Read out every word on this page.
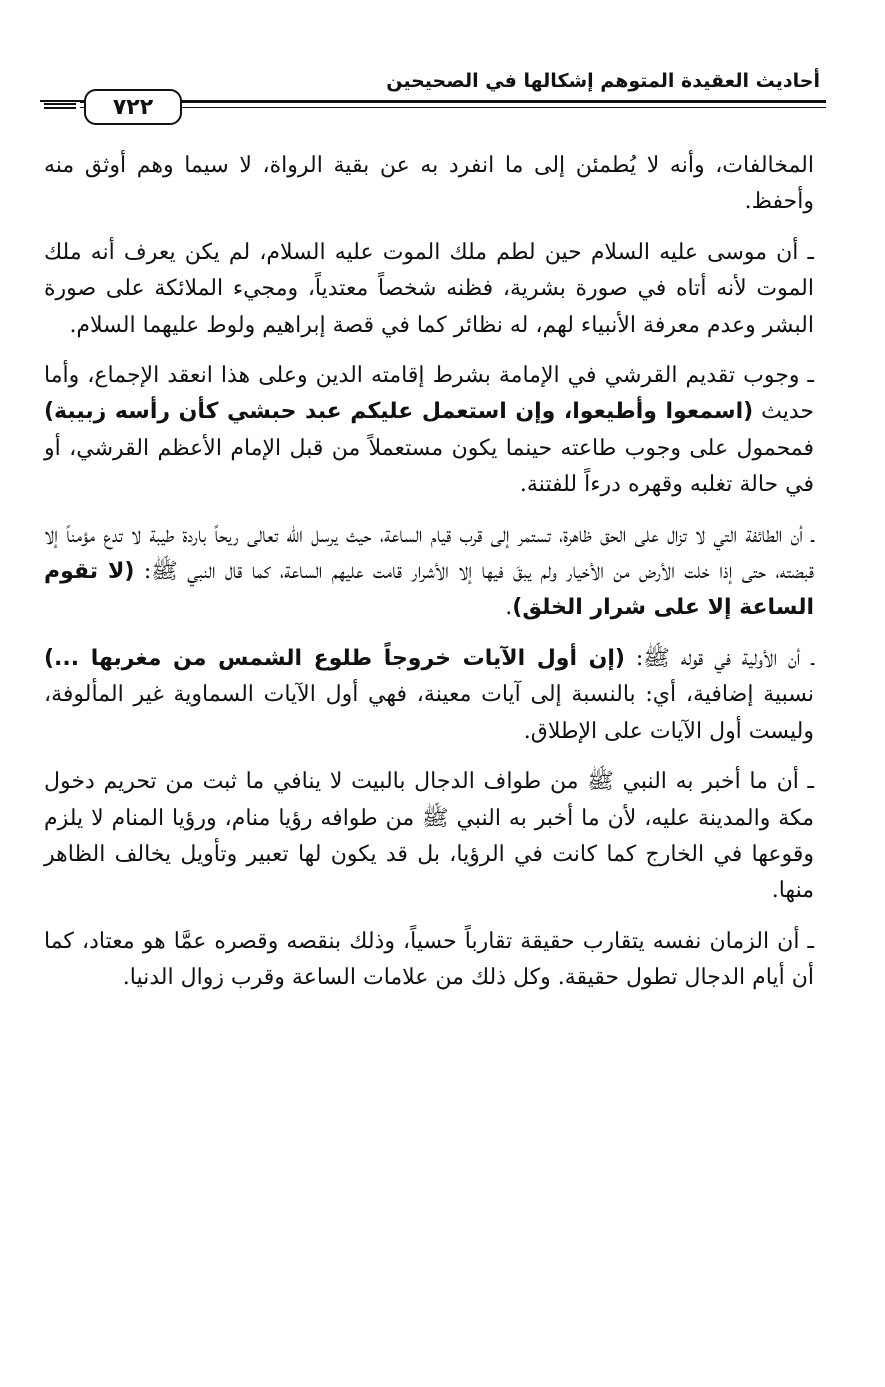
أحاديث العقيدة المتوهم إشكالها في الصحيحين
٧٢٢

المخالفات، وأنه لا يُطمئن إلى ما انفرد به عن بقية الرواة، لا سيما وهم أوثق منه وأحفظ.

ـ أن موسى عليه السلام حين لطم ملك الموت عليه السلام، لم يكن يعرف أنه ملك الموت لأنه أتاه في صورة بشرية، فظنه شخصاً معتدياً، ومجيء الملائكة على صورة البشر وعدم معرفة الأنبياء لهم، له نظائر كما في قصة إبراهيم ولوط عليهما السلام.

ـ وجوب تقديم القرشي في الإمامة بشرط إقامته الدين وعلى هذا انعقد الإجماع، وأما حديث (اسمعوا وأطيعوا، وإن استعمل عليكم عبد حبشي كأن رأسه زبيبة) فمحمول على وجوب طاعته حينما يكون مستعملاً من قبل الإمام الأعظم القرشي، أو في حالة تغلبه وقهره درءاً للفتنة.

ـ أن الطائفة التي لا تزال على الحق ظاهرة، تستمر إلى قرب قيام الساعة، حيث يرسل الله تعالى ريحاً باردة طيبة لا تدع مؤمناً إلا قبضته، حتى إذا خلت الأرض من الأخيار ولم يبقَ فيها إلا الأشرار قامت عليهم الساعة، كما قال النبي ﷺ: (لا تقوم الساعة إلا على شرار الخلق).

ـ أن الأولية في قوله ﷺ: (إن أول الآيات خروجاً طلوع الشمس من مغربها ...) نسبية إضافية، أي: بالنسبة إلى آيات معينة، فهي أول الآيات السماوية غير المألوفة، وليست أول الآيات على الإطلاق.

ـ أن ما أخبر به النبي ﷺ من طواف الدجال بالبيت لا ينافي ما ثبت من تحريم دخول مكة والمدينة عليه، لأن ما أخبر به النبي ﷺ من طوافه رؤيا منام، ورؤيا المنام لا يلزم وقوعها في الخارج كما كانت في الرؤيا، بل قد يكون لها تعبير وتأويل يخالف الظاهر منها.

ـ أن الزمان نفسه يتقارب حقيقة تقارباً حسياً، وذلك بنقصه وقصره عمَّا هو معتاد، كما أن أيام الدجال تطول حقيقة. وكل ذلك من علامات الساعة وقرب زوال الدنيا.
